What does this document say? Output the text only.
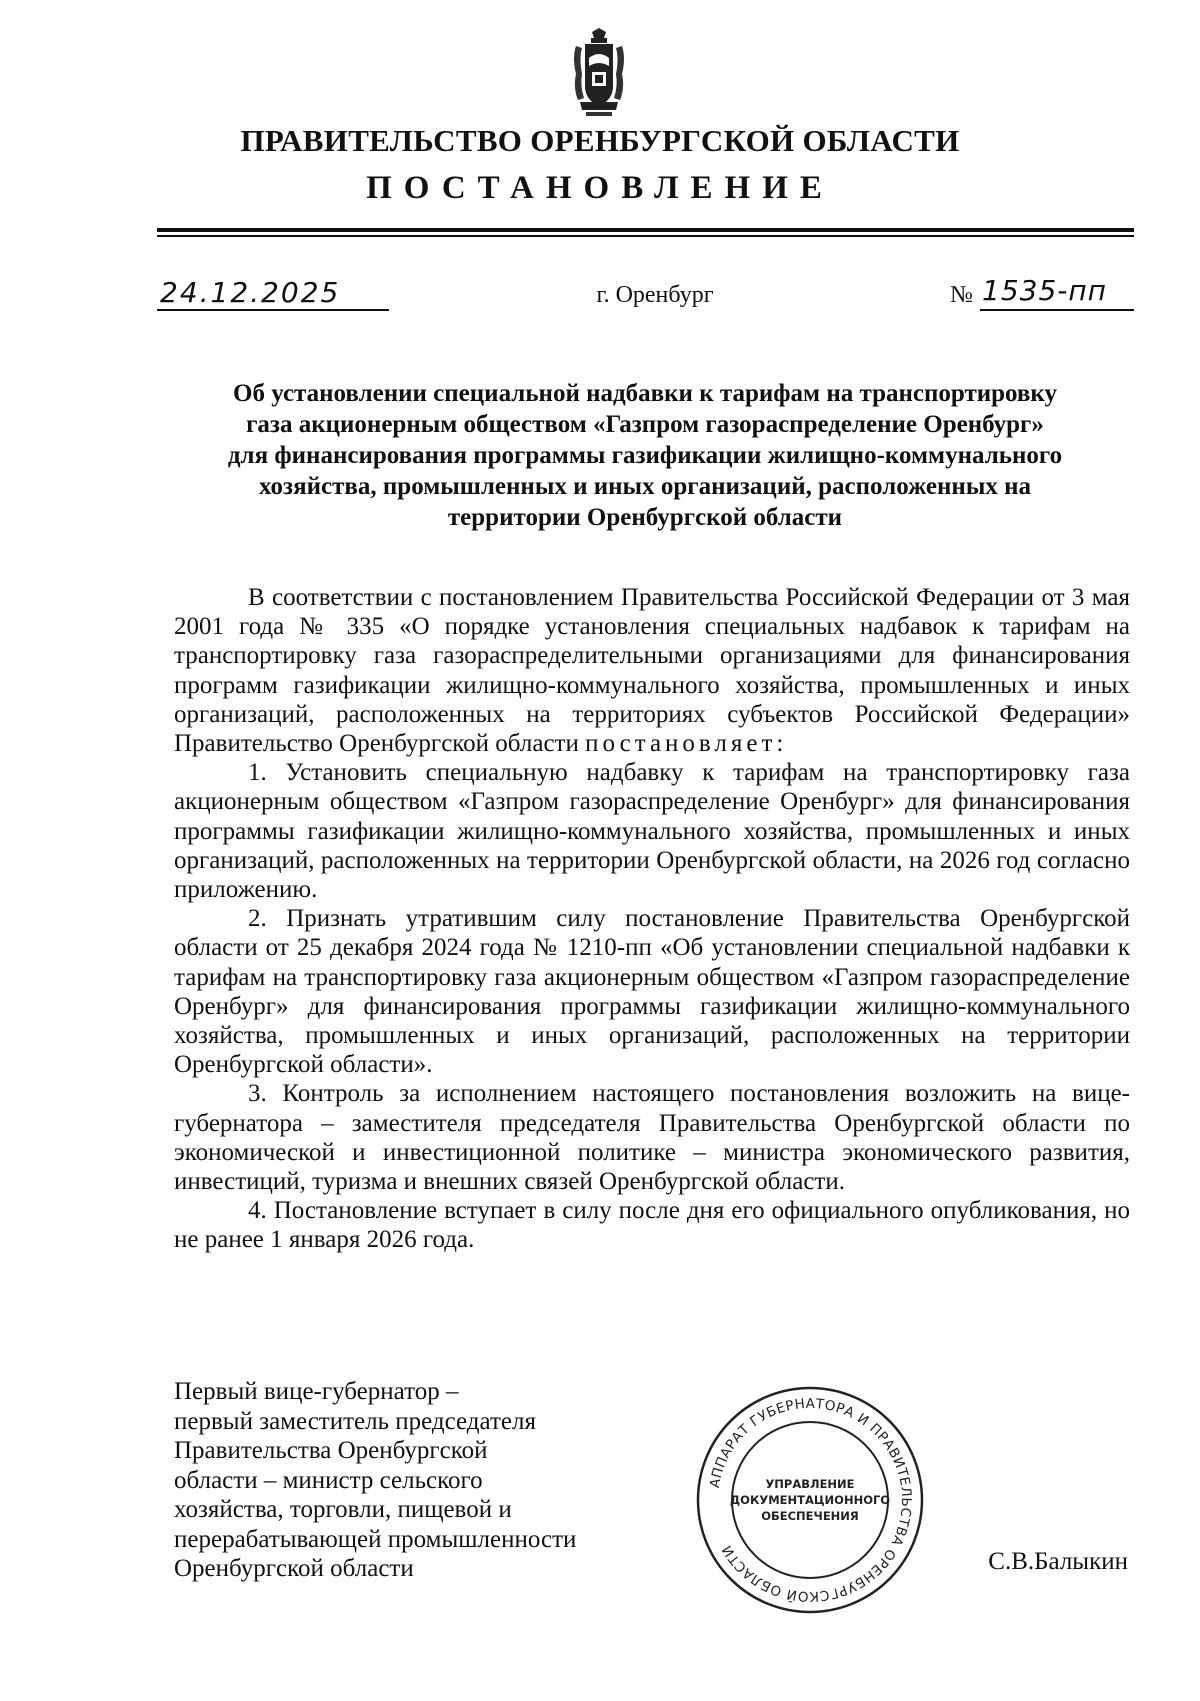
ПРАВИТЕЛЬСТВО ОРЕНБУРГСКОЙ ОБЛАСТИ
ПОСТАНОВЛЕНИЕ
24.12.2025	г. Оренбург	№ 1535-пп
Об установлении специальной надбавки к тарифам на транспортировку
газа акционерным обществом «Газпром газораспределение Оренбург»
для финансирования программы газификации жилищно-коммунального
хозяйства, промышленных и иных организаций, расположенных на
территории Оренбургской области

В соответствии с постановлением Правительства Российской Федерации от 3 мая 2001 года № 335 «О порядке установления специальных надбавок к тарифам на транспортировку газа газораспределительными организациями для финансирования программ газификации жилищно-коммунального хозяйства, промышленных и иных организаций, расположенных на территориях субъектов Российской Федерации» Правительство Оренбургской области постановляет:

1. Установить специальную надбавку к тарифам на транспортировку газа акционерным обществом «Газпром газораспределение Оренбург» для финансирования программы газификации жилищно-коммунального хозяйства, промышленных и иных организаций, расположенных на территории Оренбургской области, на 2026 год согласно приложению.

2. Признать утратившим силу постановление Правительства Оренбургской области от 25 декабря 2024 года № 1210-пп «Об установлении специальной надбавки к тарифам на транспортировку газа акционерным обществом «Газпром газораспределение Оренбург» для финансирования программы газификации жилищно-коммунального хозяйства, промышленных и иных организаций, расположенных на территории Оренбургской области».

3. Контроль за исполнением настоящего постановления возложить на вице-губернатора – заместителя председателя Правительства Оренбургской области по экономической и инвестиционной политике – министра экономического развития, инвестиций, туризма и внешних связей Оренбургской области.

4. Постановление вступает в силу после дня его официального опубликования, но не ранее 1 января 2026 года.

Первый вице-губернатор –
первый заместитель председателя
Правительства Оренбургской
области – министр сельского
хозяйства, торговли, пищевой и
перерабатывающей промышленности
Оренбургской области
АППАРАТ ГУБЕРНАТОРА И ПРАВИТЕЛЬСТВА ОРЕНБУРГСКОЙ ОБЛАСТИ
УПРАВЛЕНИЕ
ДОКУМЕНТАЦИОННОГО
ОБЕСПЕЧЕНИЯ
С.В.Балыкин
